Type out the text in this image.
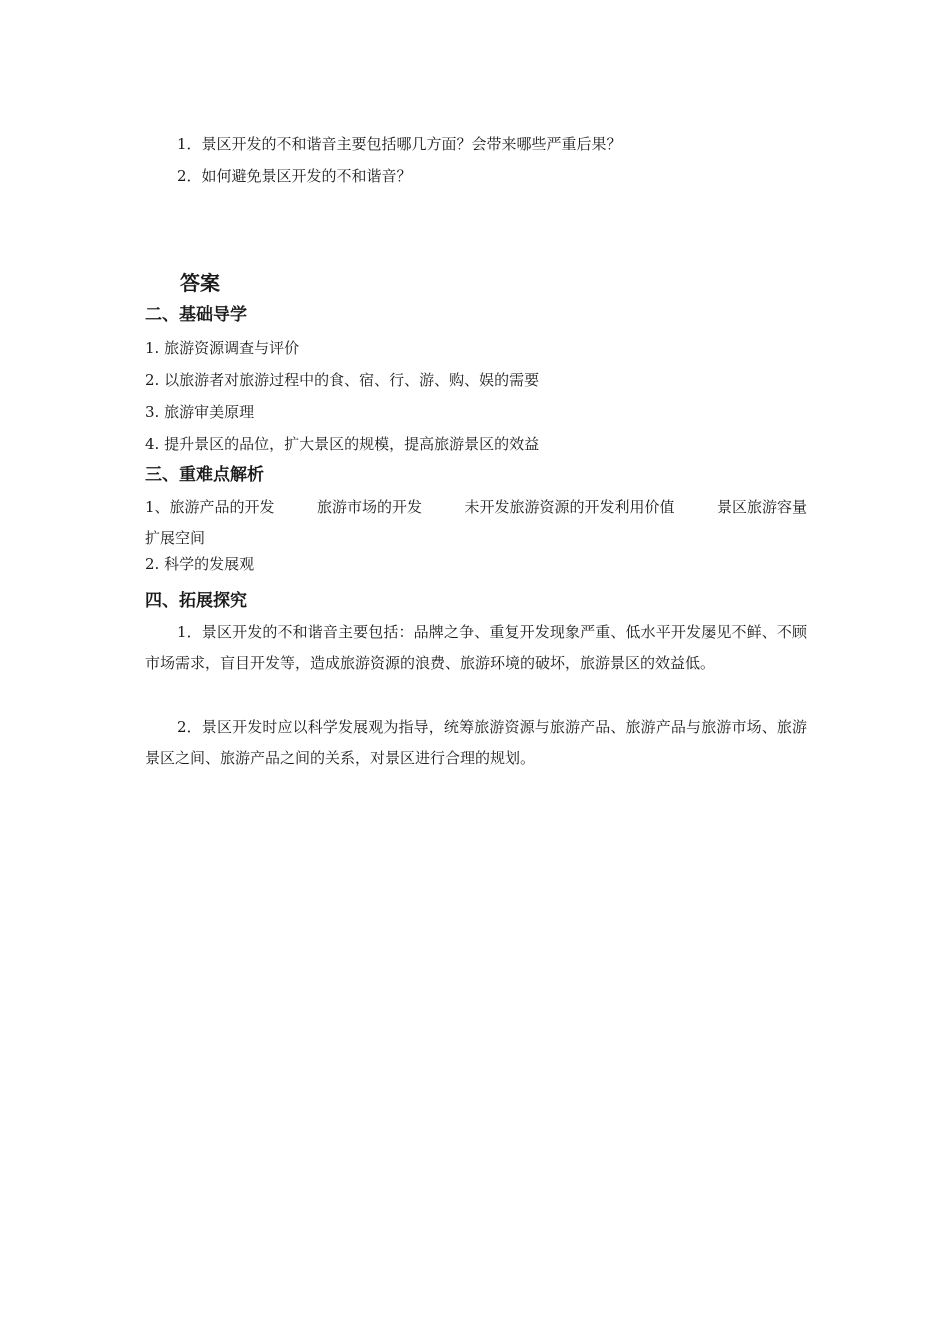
1．景区开发的不和谐音主要包括哪几方面？会带来哪些严重后果？
2．如何避免景区开发的不和谐音？
答案
二、基础导学
1. 旅游资源调查与评价
2. 以旅游者对旅游过程中的食、宿、行、游、购、娱的需要
3. 旅游审美原理
4. 提升景区的品位，扩大景区的规模，提高旅游景区的效益
三、重难点解析
1、旅游产品的开发	旅游市场的开发	未开发旅游资源的开发利用价值	景区旅游容量
扩展空间
2. 科学的发展观
四、拓展探究
1．景区开发的不和谐音主要包括：品牌之争、重复开发现象严重、低水平开发屡见不鲜、不顾市场需求，盲目开发等，造成旅游资源的浪费、旅游环境的破坏，旅游景区的效益低。
2．景区开发时应以科学发展观为指导，统筹旅游资源与旅游产品、旅游产品与旅游市场、旅游景区之间、旅游产品之间的关系，对景区进行合理的规划。
